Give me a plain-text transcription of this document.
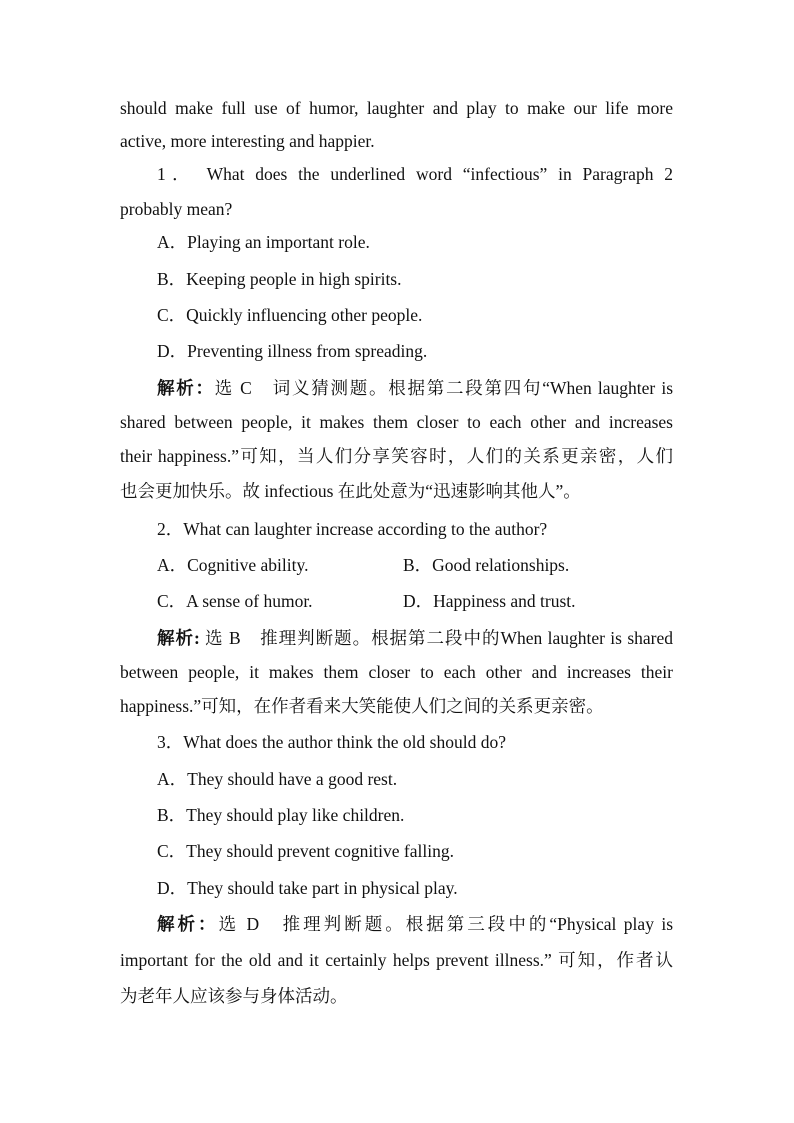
should make full use of humor, laughter and play to make our life more
active, more interesting and happier.
1． What does the underlined word “infectious” in Paragraph 2
probably mean?
A．Playing an important role.
B．Keeping people in high spirits.
C．Quickly influencing other people.
D．Preventing illness from spreading.
解析：选 C　词义猜测题。根据第二段第四句“When laughter is
shared between people, it makes them closer to each other and increases
their happiness.”可知，当人们分享笑容时，人们的关系更亲密，人们
也会更加快乐。故 infectious 在此处意为“迅速影响其他人”。
2．What can laughter increase according to the author?
A．Cognitive ability.	B．Good relationships.
C．A sense of humor.	D．Happiness and trust.
解析: 选 B　推理判断题。根据第二段中的When laughter is shared
between people, it makes them closer to each other and increases their
happiness.”可知，在作者看来大笑能使人们之间的关系更亲密。
3．What does the author think the old should do?
A．They should have a good rest.
B．They should play like children.
C．They should prevent cognitive falling.
D．They should take part in physical play.
解析：选 D　推理判断题。根据第三段中的“Physical play is
important for the old and it certainly helps prevent illness.” 可知，作者认
为老年人应该参与身体活动。
